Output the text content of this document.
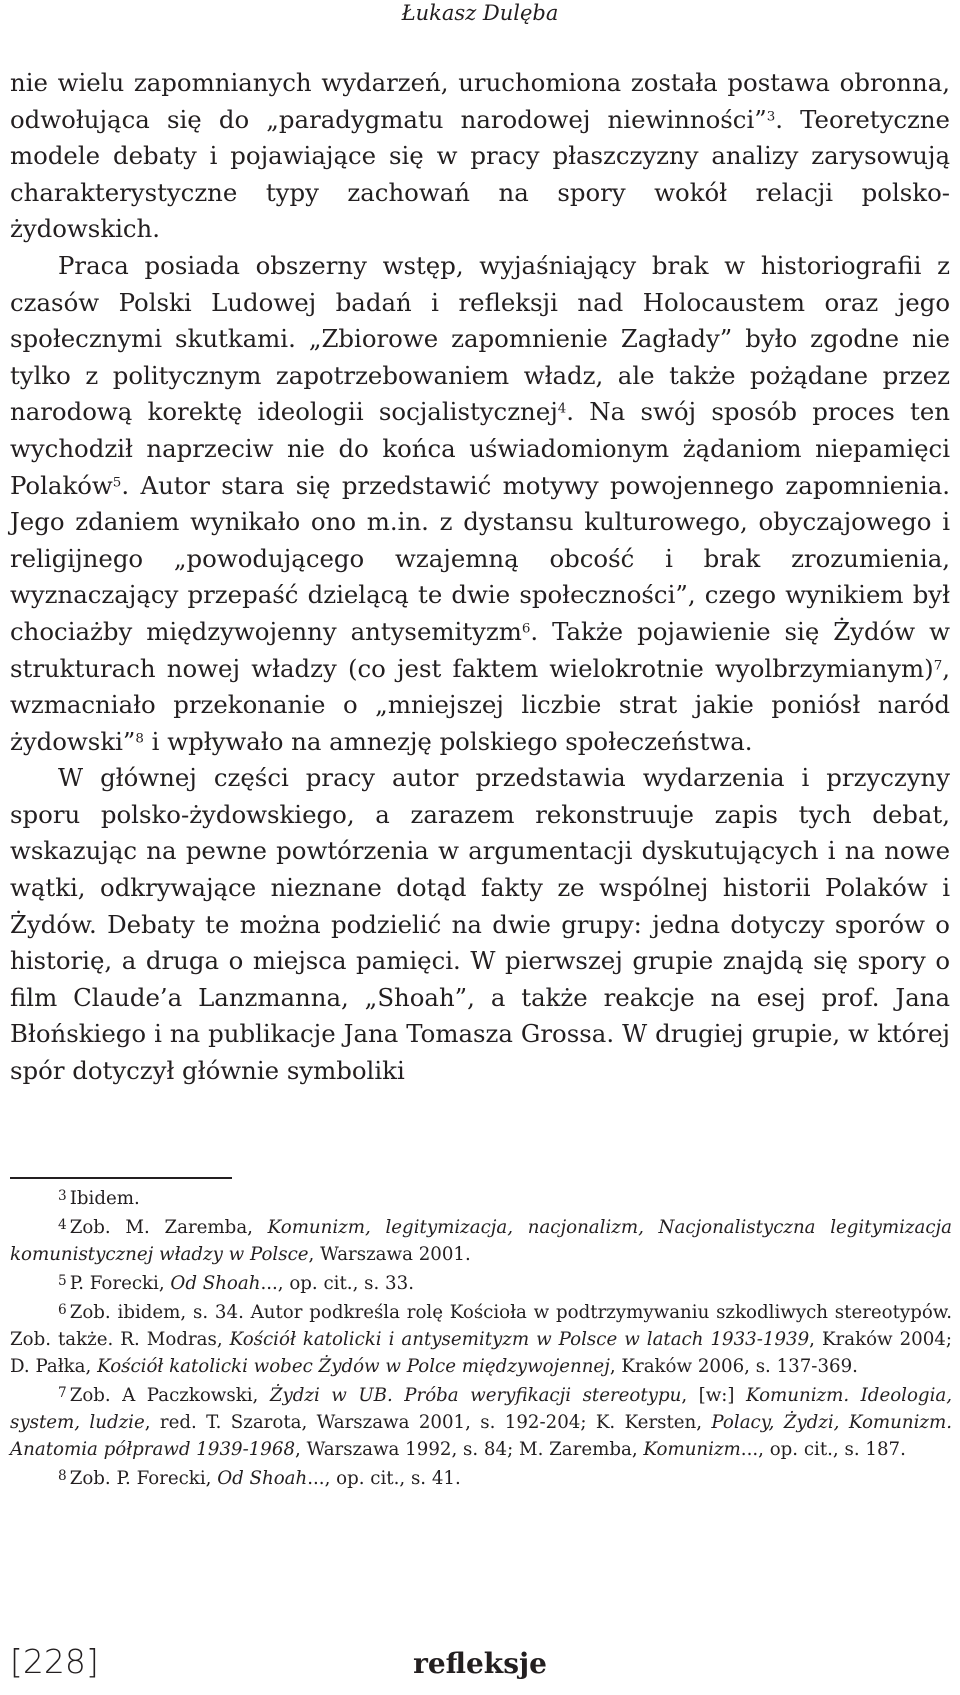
Łukasz Dulęba

nie wielu zapomnianych wydarzeń, uruchomiona została postawa obronna, odwołująca się do „paradygmatu narodowej niewinności”$^3$. Teoretyczne modele debaty i pojawiające się w pracy płaszczyzny analizy zarysowują charakterystyczne typy zachowań na spory wokół relacji polsko-żydowskich.

Praca posiada obszerny wstęp, wyjaśniający brak w historiografii z czasów Polski Ludowej badań i refleksji nad Holocaustem oraz jego społecznymi skutkami. „Zbiorowe zapomnienie Zagłady” było zgodne nie tylko z politycznym zapotrzebowaniem władz, ale także pożądane przez narodową korektę ideologii socjalistycznej$^4$. Na swój sposób proces ten wychodził naprzeciw nie do końca uświadomionym żądaniom niepamięci Polaków$^5$. Autor stara się przedstawić motywy powojennego zapomnienia. Jego zdaniem wynikało ono m.in. z dystansu kulturowego, obyczajowego i religijnego „powodującego wzajemną obcość i brak zrozumienia, wyznaczający przepaść dzielącą te dwie społeczności”, czego wynikiem był chociażby międzywojenny antysemityzm$^6$. Także pojawienie się Żydów w strukturach nowej władzy (co jest faktem wielokrotnie wyolbrzymianym)$^7$, wzmacniało przekonanie o „mniejszej liczbie strat jakie poniósł naród żydowski”$^8$ i wpływało na amnezję polskiego społeczeństwa.

W głównej części pracy autor przedstawia wydarzenia i przyczyny sporu polsko-żydowskiego, a zarazem rekonstruuje zapis tych debat, wskazując na pewne powtórzenia w argumentacji dyskutujących i na nowe wątki, odkrywające nieznane dotąd fakty ze wspólnej historii Polaków i Żydów. Debaty te można podzielić na dwie grupy: jedna dotyczy sporów o historię, a druga o miejsca pamięci. W pierwszej grupie znajdą się spory o film Claude’a Lanzmanna, „Shoah”, a także reakcje na esej prof. Jana Błońskiego i na publikacje Jana Tomasza Grossa. W drugiej grupie, w której spór dotyczył głównie symboliki

$^3$ Ibidem.

$^4$ Zob. M. Zaremba, Komunizm, legitymizacja, nacjonalizm, Nacjonalistyczna legitymizacja komunistycznej władzy w Polsce, Warszawa 2001.

$^5$ P. Forecki, Od Shoah..., op. cit., s. 33.

$^6$ Zob. ibidem, s. 34. Autor podkreśla rolę Kościoła w podtrzymywaniu szkodliwych stereotypów. Zob. także. R. Modras, Kościół katolicki i antysemityzm w Polsce w latach 1933-1939, Kraków 2004; D. Pałka, Kościół katolicki wobec Żydów w Polce międzywojennej, Kraków 2006, s. 137-369.

$^7$ Zob. A Paczkowski, Żydzi w UB. Próba weryfikacji stereotypu, [w:] Komunizm. Ideologia, system, ludzie, red. T. Szarota, Warszawa 2001, s. 192-204; K. Kersten, Polacy, Żydzi, Komunizm. Anatomia półprawd 1939-1968, Warszawa 1992, s. 84; M. Zaremba, Komunizm..., op. cit., s. 187.

$^8$ Zob. P. Forecki, Od Shoah..., op. cit., s. 41.

[228]	refleksje
